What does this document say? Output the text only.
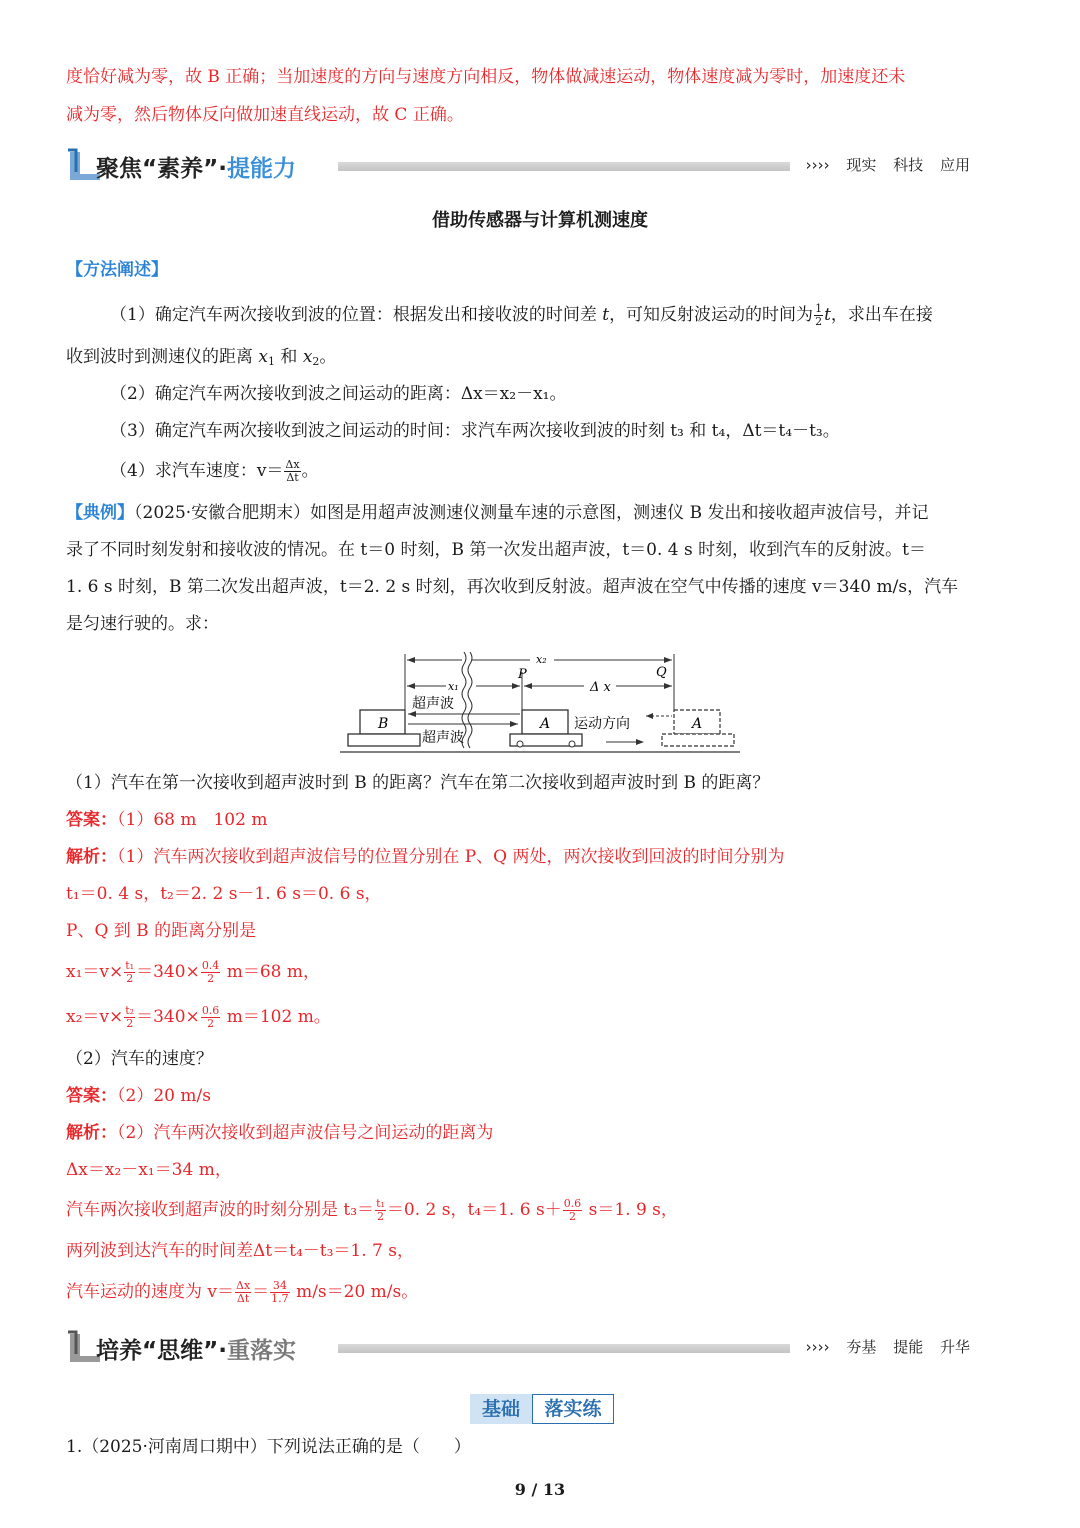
度恰好减为零，故 B 正确；当加速度的方向与速度方向相反，物体做减速运动，物体速度减为零时，加速度还未
减为零，然后物体反向做加速直线运动，故 C 正确。
聚焦“素养”·提能力	›››› 现实 科技 应用
借助传感器与计算机测速度
【方法阐述】
（1）确定汽车两次接收到波的位置：根据发出和接收波的时间差 t，可知反射波运动的时间为 $\frac{1}{2}$ t，求出车在接
收到波时到测速仪的距离 $x_1$ 和 $x_2$。
（2）确定汽车两次接收到波之间运动的距离：Δx＝x₂－x₁。
（3）确定汽车两次接收到波之间运动的时间：求汽车两次接收到波的时刻 t₃ 和 t₄，Δt＝t₄－t₃。
（4）求汽车速度：$v= \frac{\Delta x}{\Delta t}$ 。
【典例】（2025·安徽合肥期末）如图是用超声波测速仪测量车速的示意图，测速仪 B 发出和接收超声波信号，并记
录了不同时刻发射和接收波的情况。在 t＝0 时刻，B 第一次发出超声波，t＝0. 4 s 时刻，收到汽车的反射波。t＝
1. 6 s 时刻，B 第二次发出超声波，t＝2. 2 s 时刻，再次收到反射波。超声波在空气中传播的速度 v＝340 m/s，汽车
是匀速行驶的。求：
x₂
P	Q
Δ x
x₁
超声波
B
超声波
A 运动方向	A
（1）汽车在第一次接收到超声波时到 B 的距离？汽车在第二次接收到超声波时到 B 的距离？
答案：（1）68 m　102 m
解析：（1）汽车两次接收到超声波信号的位置分别在 P、Q 两处，两次接收到回波的时间分别为
t₁＝0. 4 s，t₂＝2. 2 s－1. 6 s＝0. 6 s，
P、Q 到 B 的距离分别是
$x_1=v\times \frac{\text{t₁}}{2} =340\times \frac{0.4}{2} m=68$ m，
$x_2=v\times \frac{\text{t₂}}{2} =340\times \frac{0.6}{2} m=102$ m。
（2）汽车的速度？
答案：（2）20 m/s
解析：（2）汽车两次接收到超声波信号之间运动的距离为
Δx＝x₂－x₁＝34 m，
汽车两次接收到超声波的时刻分别是 $t_3= \frac{\text{t₁}}{2} =0$. 2 s，t₄＝1. 6 $s+ \frac{0.6}{2} s=1$. 9 s，
两列波到达汽车的时间差Δt＝t₄－t₃＝1. 7 s，
汽车运动的速度为 $v= \frac{\Delta x}{\Delta t} = \frac{34}{1.7} m/s=20$ m/s。
培养“思维”·重落实	›››› 夯基 提能 升华
基础	落实练
1.（2025·河南周口期中）下列说法正确的是（　　）
9 / 13
